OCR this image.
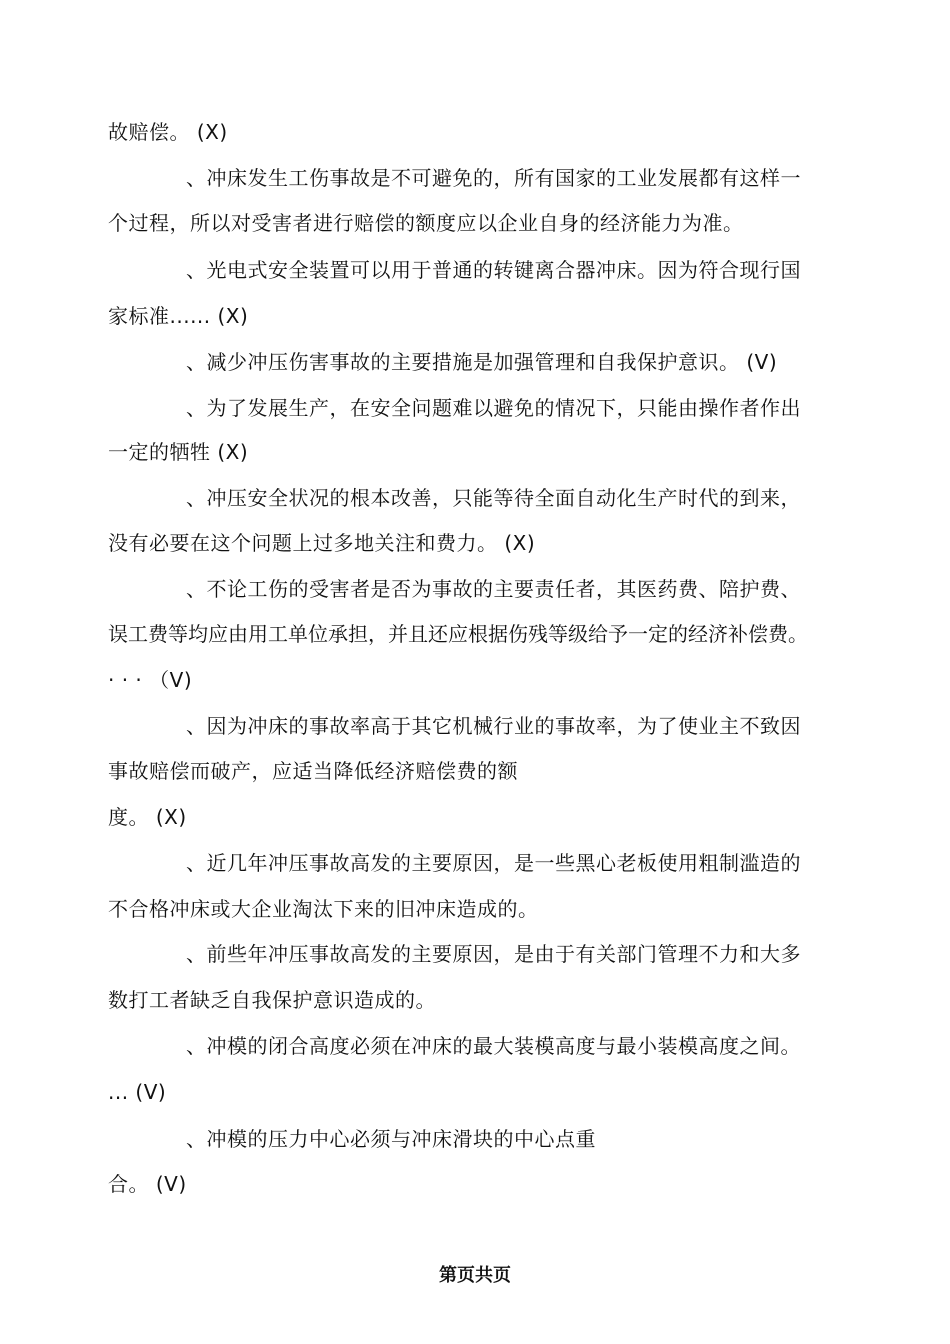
故赔偿。 (X)
、冲床发生工伤事故是不可避免的，所有国家的工业发展都有这样一
个过程，所以对受害者进行赔偿的额度应以企业自身的经济能力为准。
、光电式安全装置可以用于普通的转键离合器冲床。因为符合现行国
家标准...... (X)
、减少冲压伤害事故的主要措施是加强管理和自我保护意识。 (V)
、为了发展生产，在安全问题难以避免的情况下，只能由操作者作出
一定的牺牲 (X)
、冲压安全状况的根本改善，只能等待全面自动化生产时代的到来，
没有必要在这个问题上过多地关注和费力。 (X)
、不论工伤的受害者是否为事故的主要责任者，其医药费、陪护费、
误工费等均应由用工单位承担，并且还应根据伤残等级给予一定的经济补偿费。
· · · （V)
、因为冲床的事故率高于其它机械行业的事故率，为了使业主不致因
事故赔偿而破产，应适当降低经济赔偿费的额
度。 (X)
、近几年冲压事故高发的主要原因，是一些黑心老板使用粗制滥造的
不合格冲床或大企业淘汰下来的旧冲床造成的。
、前些年冲压事故高发的主要原因，是由于有关部门管理不力和大多
数打工者缺乏自我保护意识造成的。
、冲模的闭合高度必须在冲床的最大装模高度与最小装模高度之间。
... (V)
、冲模的压力中心必须与冲床滑块的中心点重
合。 (V)
第页共页
